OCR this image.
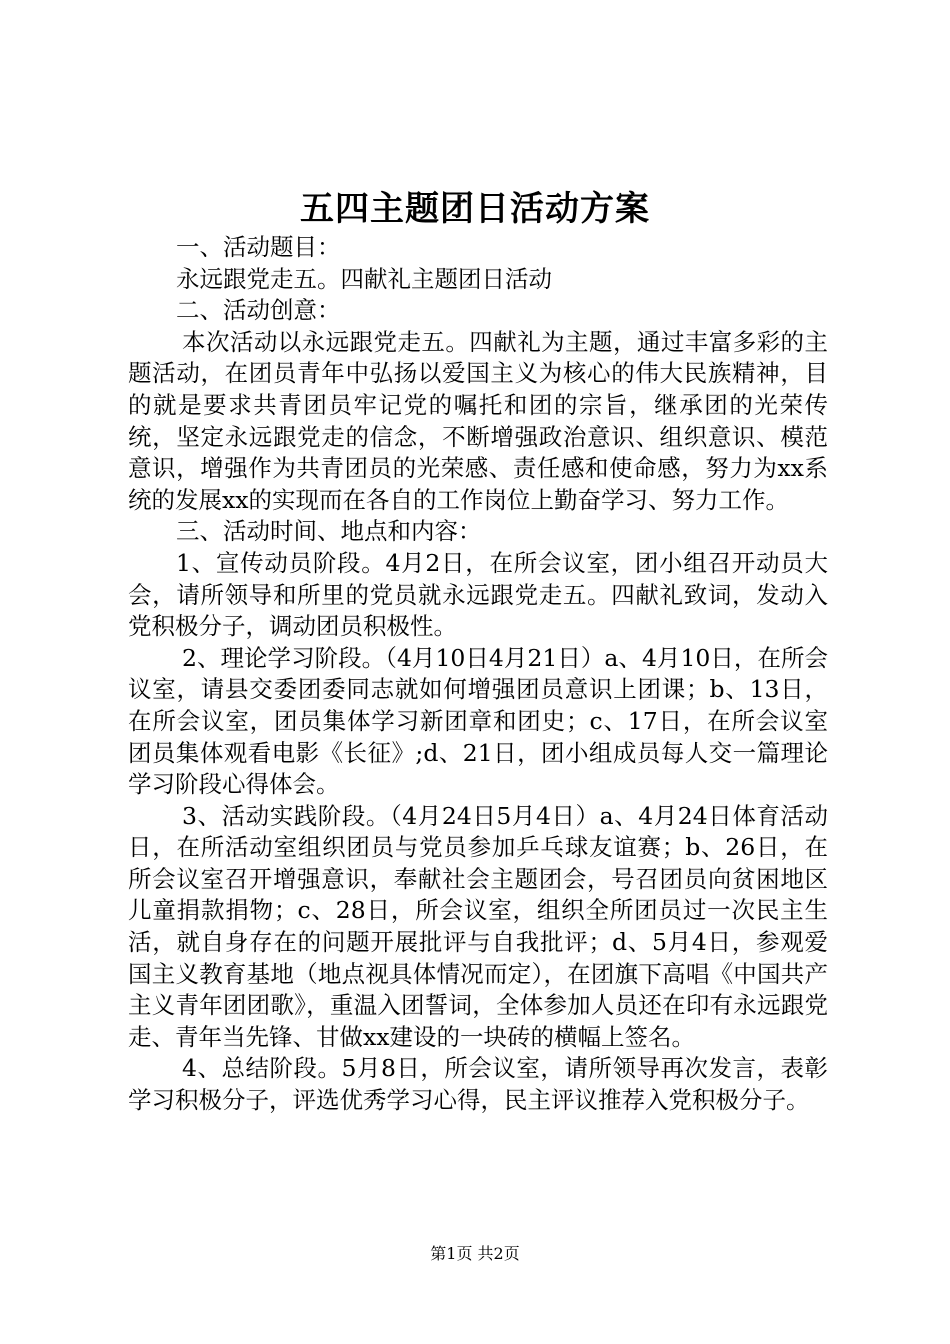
五四主题团日活动方案

一、活动题目：

永远跟党走五。四献礼主题团日活动

二、活动创意：

本次活动以永远跟党走五。四献礼为主题，通过丰富多彩的主题活动，在团员青年中弘扬以爱国主义为核心的伟大民族精神，目的就是要求共青团员牢记党的嘱托和团的宗旨，继承团的光荣传统，坚定永远跟党走的信念，不断增强政治意识、组织意识、模范意识，增强作为共青团员的光荣感、责任感和使命感，努力为xx系统的发展xx的实现而在各自的工作岗位上勤奋学习、努力工作。

三、活动时间、地点和内容：

1、宣传动员阶段。4月2日，在所会议室，团小组召开动员大会，请所领导和所里的党员就永远跟党走五。四献礼致词，发动入党积极分子，调动团员积极性。

2、理论学习阶段。（4月10日4月21日）a、4月10日，在所会议室，请县交委团委同志就如何增强团员意识上团课；b、13日，在所会议室，团员集体学习新团章和团史；c、17日，在所会议室团员集体观看电影《长征》;d、21日，团小组成员每人交一篇理论学习阶段心得体会。

3、活动实践阶段。（4月24日5月4日）a、4月24日体育活动日，在所活动室组织团员与党员参加乒乓球友谊赛；b、26日，在所会议室召开增强意识，奉献社会主题团会，号召团员向贫困地区儿童捐款捐物；c、28日，所会议室，组织全所团员过一次民主生活，就自身存在的问题开展批评与自我批评；d、5月4日，参观爱国主义教育基地（地点视具体情况而定），在团旗下高唱《中国共产主义青年团团歌》，重温入团誓词，全体参加人员还在印有永远跟党走、青年当先锋、甘做xx建设的一块砖的横幅上签名。

4、总结阶段。5月8日，所会议室，请所领导再次发言，表彰学习积极分子，评选优秀学习心得，民主评议推荐入党积极分子。

第1页 共2页
